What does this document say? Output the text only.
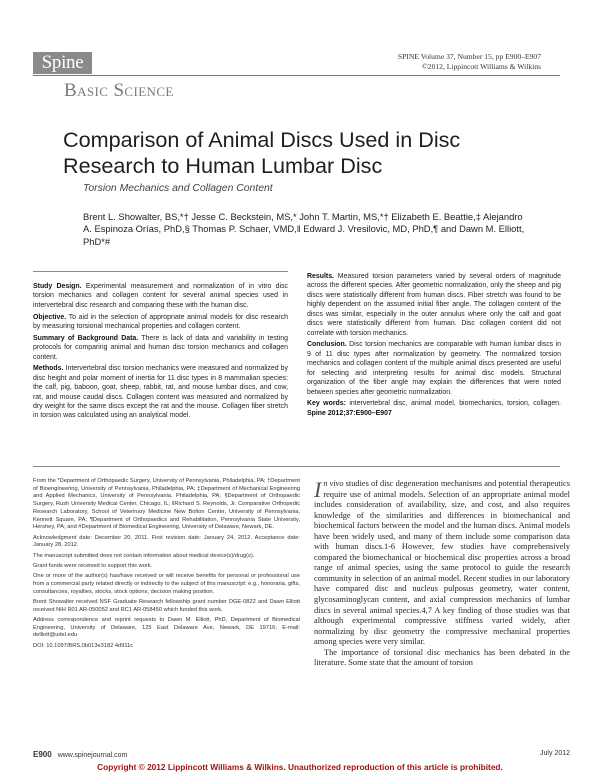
Spine	SPINE Volume 37, Number 15, pp E900–E907
©2012, Lippincott Williams & Wilkins
Basic Science
Comparison of Animal Discs Used in Disc Research to Human Lumbar Disc
Torsion Mechanics and Collagen Content
Brent L. Showalter, BS,*† Jesse C. Beckstein, MS,* John T. Martin, MS,*† Elizabeth E. Beattie,‡ Alejandro A. Espinoza Orías, PhD,§ Thomas P. Schaer, VMD,‖ Edward J. Vresilovic, MD, PhD,¶ and Dawn M. Elliott, PhD*#

Study Design. Experimental measurement and normalization of in vitro disc torsion mechanics and collagen content for several animal species used in intervertebral disc research and comparing these with the human disc.

Objective. To aid in the selection of appropriate animal models for disc research by measuring torsional mechanical properties and collagen content.

Summary of Background Data. There is lack of data and variability in testing protocols for comparing animal and human disc torsion mechanics and collagen content.

Methods. Intervertebral disc torsion mechanics were measured and normalized by disc height and polar moment of inertia for 11 disc types in 8 mammalian species: the calf, pig, baboon, goat, sheep, rabbit, rat, and mouse lumbar discs, and cow, rat, and mouse caudal discs. Collagen content was measured and normalized by dry weight for the same discs except the rat and the mouse. Collagen fiber stretch in torsion was calculated using an analytical model.

Results. Measured torsion parameters varied by several orders of magnitude across the different species. After geometric normalization, only the sheep and pig discs were statistically different from human discs. Fiber stretch was found to be highly dependent on the assumed initial fiber angle. The collagen content of the discs was similar, especially in the outer annulus where only the calf and goat discs were statistically different from human. Disc collagen content did not correlate with torsion mechanics.

Conclusion. Disc torsion mechanics are comparable with human lumbar discs in 9 of 11 disc types after normalization by geometry. The normalized torsion mechanics and collagen content of the multiple animal discs presented are useful for selecting and interpreting results for animal disc models. Structural organization of the fiber angle may explain the differences that were noted between species after geometric normalization.

Key words: intervertebral disc, animal model, biomechanics, torsion, collagen. Spine 2012;37:E900–E907

From the *Department of Orthopaedic Surgery, University of Pennsylvania, Philadelphia, PA; †Department of Bioengineering, University of Pennsylvania, Philadelphia, PA; ‡Department of Mechanical Engineering and Applied Mechanics, University of Pennsylvania, Philadelphia, PA; §Department of Orthopaedic Surgery, Rush University Medical Center, Chicago, IL; ‖Richard S. Reynolds, Jr. Comparative Orthopedic Research Laboratory, School of Veterinary Medicine New Bolton Center, University of Pennsylvania, Kennett Square, PA; ¶Department of Orthopaedics and Rehabilitation, Pennsylvania State University, Hershey, PA; and #Department of Biomedical Engineering, University of Delaware, Newark, DE.

Acknowledgment date: December 20, 2011. First revision date: January 24, 2012. Acceptance date: January 28, 2012.

The manuscript submitted does not contain information about medical device(s)/drug(s).

Grant funds were received to support this work.

One or more of the author(s) has/have received or will receive benefits for personal or professional use from a commercial party related directly or indirectly to the subject of this manuscript: e.g., honoraria, gifts, consultancies, royalties, stocks, stock options, decision making position.

Brent Showalter received NSF Graduate Research fellowship grant number DGE-0822 and Dawn Elliott received NIH R01 AR-050052 and RC1 AR-058450 which funded this work.

Address correspondence and reprint requests to Dawn M. Elliott, PhD, Department of Biomedical Engineering, University of Delaware, 125 East Delaware Ave, Newark, DE 19716; E-mail: delliott@udel.edu

DOI: 10.1097/BRS.0b013e3182 4d911c

In vivo studies of disc degeneration mechanisms and potential therapeutics require use of animal models. Selection of an appropriate animal model includes consideration of availability, size, and cost, and also requires knowledge of the similarities and differences in biomechanical and biochemical factors between the model and the human discs. Animal models have been widely used, and many of them include some comparison data with human discs.1-6 However, few studies have comprehensively compared the biomechanical or biochemical disc properties across a broad range of animal species, using the same protocol to guide the research community in selection of an animal model. Recent studies in our laboratory have compared disc and nucleus pulposus geometry, water content, glycosaminoglycan content, and axial compression mechanics of lumbar discs in several animal species.4,7 A key finding of those studies was that although experimental compressive stiffness varied widely, after normalizing by disc geometry the compressive mechanical properties among species were very similar.

The importance of torsional disc mechanics has been debated in the literature. Some state that the amount of torsion

E900 www.spinejournal.com	July 2012
Copyright © 2012 Lippincott Williams & Wilkins. Unauthorized reproduction of this article is prohibited.
